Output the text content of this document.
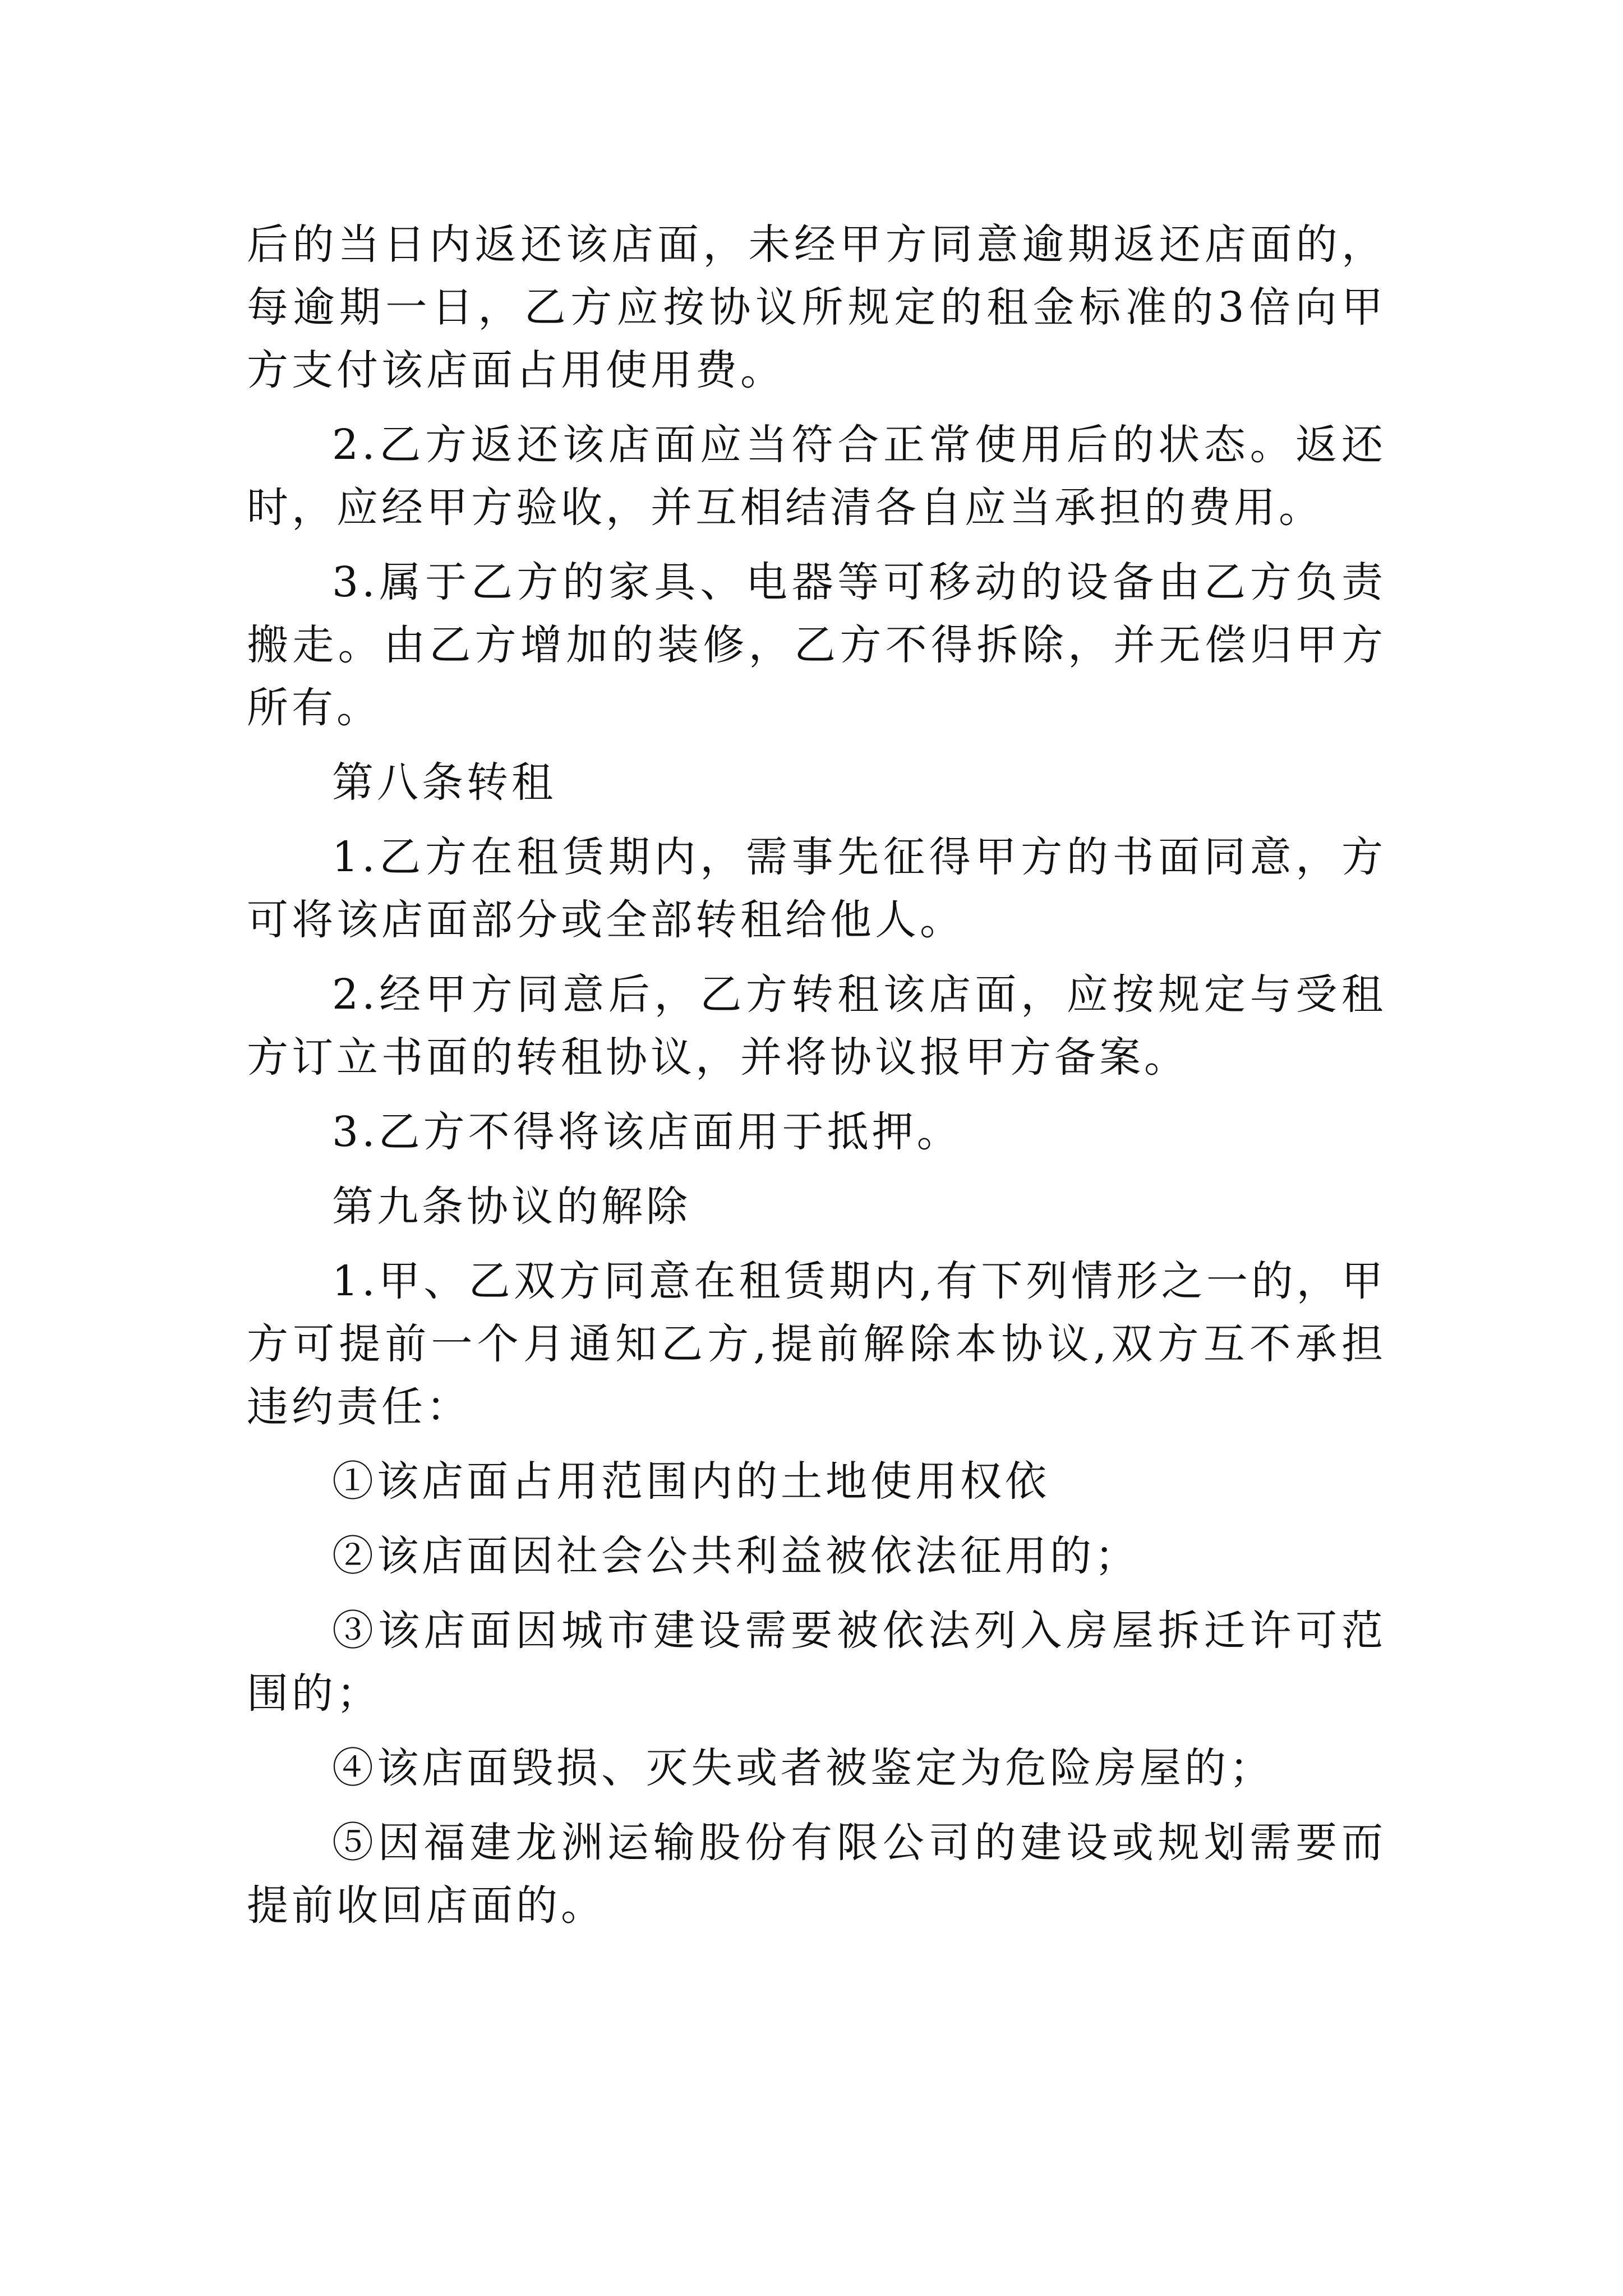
后的当日内返还该店面，未经甲方同意逾期返还店面的，每逾期一日，乙方应按协议所规定的租金标准的3倍向甲方支付该店面占用使用费。

2.乙方返还该店面应当符合正常使用后的状态。返还时，应经甲方验收，并互相结清各自应当承担的费用。

3.属于乙方的家具、电器等可移动的设备由乙方负责搬走。由乙方增加的装修，乙方不得拆除，并无偿归甲方所有。

第八条转租

1.乙方在租赁期内，需事先征得甲方的书面同意，方可将该店面部分或全部转租给他人。

2.经甲方同意后，乙方转租该店面，应按规定与受租方订立书面的转租协议，并将协议报甲方备案。

3.乙方不得将该店面用于抵押。

第九条协议的解除

1.甲、乙双方同意在租赁期内,有下列情形之一的，甲方可提前一个月通知乙方,提前解除本协议,双方互不承担违约责任：

①该店面占用范围内的土地使用权依

②该店面因社会公共利益被依法征用的；

③该店面因城市建设需要被依法列入房屋拆迁许可范围的；

④该店面毁损、灭失或者被鉴定为危险房屋的；

⑤因福建龙洲运输股份有限公司的建设或规划需要而提前收回店面的。
